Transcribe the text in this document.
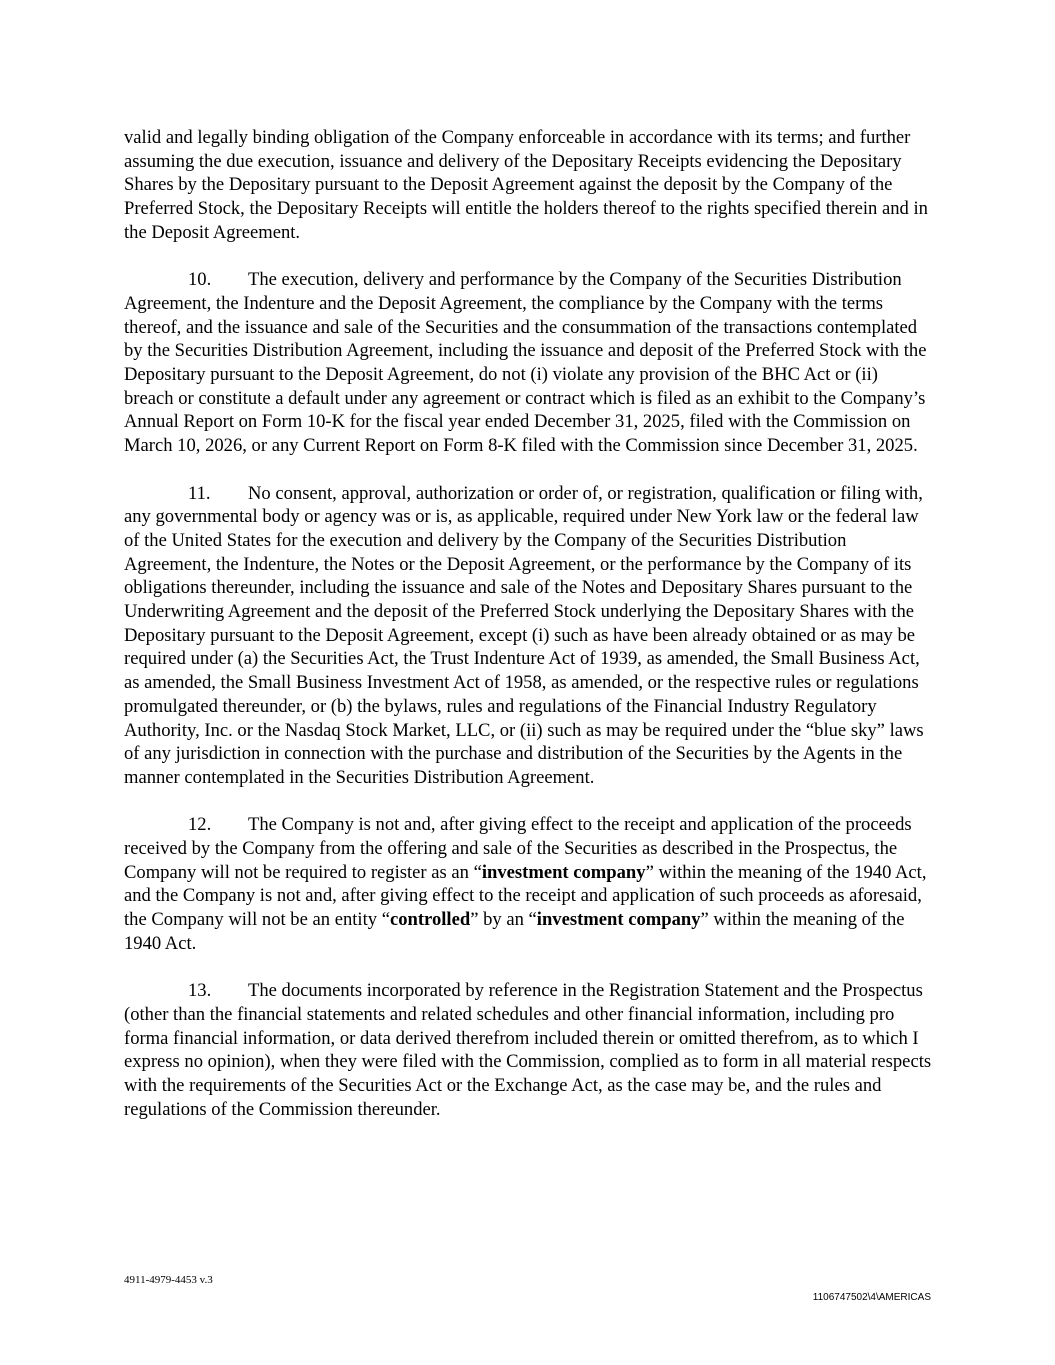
valid and legally binding obligation of the Company enforceable in accordance with its terms; and further assuming the due execution, issuance and delivery of the Depositary Receipts evidencing the Depositary Shares by the Depositary pursuant to the Deposit Agreement against the deposit by the Company of the Preferred Stock, the Depositary Receipts will entitle the holders thereof to the rights specified therein and in the Deposit Agreement.

10. The execution, delivery and performance by the Company of the Securities Distribution Agreement, the Indenture and the Deposit Agreement, the compliance by the Company with the terms thereof, and the issuance and sale of the Securities and the consummation of the transactions contemplated by the Securities Distribution Agreement, including the issuance and deposit of the Preferred Stock with the Depositary pursuant to the Deposit Agreement, do not (i) violate any provision of the BHC Act or (ii) breach or constitute a default under any agreement or contract which is filed as an exhibit to the Company’s Annual Report on Form 10-K for the fiscal year ended December 31, 2025, filed with the Commission on March 10, 2026, or any Current Report on Form 8-K filed with the Commission since December 31, 2025.

11. No consent, approval, authorization or order of, or registration, qualification or filing with, any governmental body or agency was or is, as applicable, required under New York law or the federal law of the United States for the execution and delivery by the Company of the Securities Distribution Agreement, the Indenture, the Notes or the Deposit Agreement, or the performance by the Company of its obligations thereunder, including the issuance and sale of the Notes and Depositary Shares pursuant to the Underwriting Agreement and the deposit of the Preferred Stock underlying the Depositary Shares with the Depositary pursuant to the Deposit Agreement, except (i) such as have been already obtained or as may be required under (a) the Securities Act, the Trust Indenture Act of 1939, as amended, the Small Business Act, as amended, the Small Business Investment Act of 1958, as amended, or the respective rules or regulations promulgated thereunder, or (b) the bylaws, rules and regulations of the Financial Industry Regulatory Authority, Inc. or the Nasdaq Stock Market, LLC, or (ii) such as may be required under the “blue sky” laws of any jurisdiction in connection with the purchase and distribution of the Securities by the Agents in the manner contemplated in the Securities Distribution Agreement.

12. The Company is not and, after giving effect to the receipt and application of the proceeds received by the Company from the offering and sale of the Securities as described in the Prospectus, the Company will not be required to register as an “investment company” within the meaning of the 1940 Act, and the Company is not and, after giving effect to the receipt and application of such proceeds as aforesaid, the Company will not be an entity “controlled” by an “investment company” within the meaning of the 1940 Act.

13. The documents incorporated by reference in the Registration Statement and the Prospectus (other than the financial statements and related schedules and other financial information, including pro forma financial information, or data derived therefrom included therein or omitted therefrom, as to which I express no opinion), when they were filed with the Commission, complied as to form in all material respects with the requirements of the Securities Act or the Exchange Act, as the case may be, and the rules and regulations of the Commission thereunder.

4911-4979-4453 v.3
1106747502\4\AMERICAS
